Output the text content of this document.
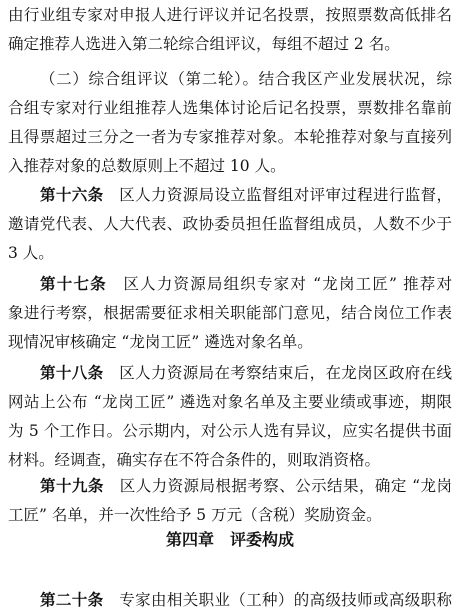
由行业组专家对申报人进行评议并记名投票，按照票数高低排名
确定推荐人选进入第二轮综合组评议，每组不超过 2 名。
（二）综合组评议（第二轮）。结合我区产业发展状况，综
合组专家对行业组推荐人选集体讨论后记名投票，票数排名靠前
且得票超过三分之一者为专家推荐对象。本轮推荐对象与直接列
入推荐对象的总数原则上不超过 10 人。
第十六条　 区人力资源局设立监督组对评审过程进行监督，
邀请党代表、人大代表、政协委员担任监督组成员，人数不少于
3 人。
第十七条　 区人力资源局组织专家对 “龙岗工匠” 推荐对
象进行考察，根据需要征求相关职能部门意见，结合岗位工作表
现情况审核确定 “龙岗工匠” 遴选对象名单。
第十八条　 区人力资源局在考察结束后，在龙岗区政府在线
网站上公布 “龙岗工匠” 遴选对象名单及主要业绩或事迹，期限
为 5 个工作日。公示期内，对公示人选有异议，应实名提供书面
材料。经调查，确实存在不符合条件的，则取消资格。
第十九条　 区人力资源局根据考察、公示结果，确定 “龙岗
工匠” 名单，并一次性给予 5 万元（含税）奖励资金。
第四章　评委构成
第二十条　 专家由相关职业（工种）的高级技师或高级职称
